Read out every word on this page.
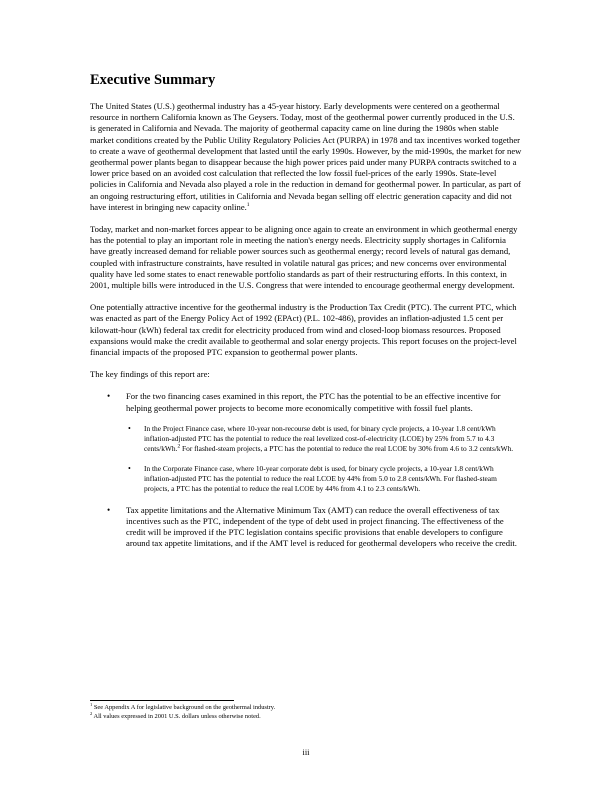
Executive Summary

The United States (U.S.) geothermal industry has a 45-year history. Early developments were centered on a geothermal resource in northern California known as The Geysers. Today, most of the geothermal power currently produced in the U.S. is generated in California and Nevada. The majority of geothermal capacity came on line during the 1980s when stable market conditions created by the Public Utility Regulatory Policies Act (PURPA) in 1978 and tax incentives worked together to create a wave of geothermal development that lasted until the early 1990s. However, by the mid-1990s, the market for new geothermal power plants began to disappear because the high power prices paid under many PURPA contracts switched to a lower price based on an avoided cost calculation that reflected the low fossil fuel-prices of the early 1990s. State-level policies in California and Nevada also played a role in the reduction in demand for geothermal power. In particular, as part of an ongoing restructuring effort, utilities in California and Nevada began selling off electric generation capacity and did not have interest in bringing new capacity online.$^1$

Today, market and non-market forces appear to be aligning once again to create an environment in which geothermal energy has the potential to play an important role in meeting the nation's energy needs. Electricity supply shortages in California have greatly increased demand for reliable power sources such as geothermal energy; record levels of natural gas demand, coupled with infrastructure constraints, have resulted in volatile natural gas prices; and new concerns over environmental quality have led some states to enact renewable portfolio standards as part of their restructuring efforts. In this context, in 2001, multiple bills were introduced in the U.S. Congress that were intended to encourage geothermal energy development.

One potentially attractive incentive for the geothermal industry is the Production Tax Credit (PTC). The current PTC, which was enacted as part of the Energy Policy Act of 1992 (EPAct) (P.L. 102-486), provides an inflation-adjusted 1.5 cent per kilowatt-hour (kWh) federal tax credit for electricity produced from wind and closed-loop biomass resources. Proposed expansions would make the credit available to geothermal and solar energy projects. This report focuses on the project-level financial impacts of the proposed PTC expansion to geothermal power plants.

The key findings of this report are:

• For the two financing cases examined in this report, the PTC has the potential to be an effective incentive for helping geothermal power projects to become more economically competitive with fossil fuel plants.
• In the Project Finance case, where 10-year non-recourse debt is used, for binary cycle projects, a 10-year 1.8 cent/kWh inflation-adjusted PTC has the potential to reduce the real levelized cost-of-electricity (LCOE) by 25% from 5.7 to 4.3 cents/kWh.$^2$ For flashed-steam projects, a PTC has the potential to reduce the real LCOE by 30% from 4.6 to 3.2 cents/kWh.
• In the Corporate Finance case, where 10-year corporate debt is used, for binary cycle projects, a 10-year 1.8 cent/kWh inflation-adjusted PTC has the potential to reduce the real LCOE by 44% from 5.0 to 2.8 cents/kWh. For flashed-steam projects, a PTC has the potential to reduce the real LCOE by 44% from 4.1 to 2.3 cents/kWh.
• Tax appetite limitations and the Alternative Minimum Tax (AMT) can reduce the overall effectiveness of tax incentives such as the PTC, independent of the type of debt used in project financing. The effectiveness of the credit will be improved if the PTC legislation contains specific provisions that enable developers to configure around tax appetite limitations, and if the AMT level is reduced for geothermal developers who receive the credit.
$^1$ See Appendix A for legislative background on the geothermal industry.
$^2$ All values expressed in 2001 U.S. dollars unless otherwise noted.
iii
